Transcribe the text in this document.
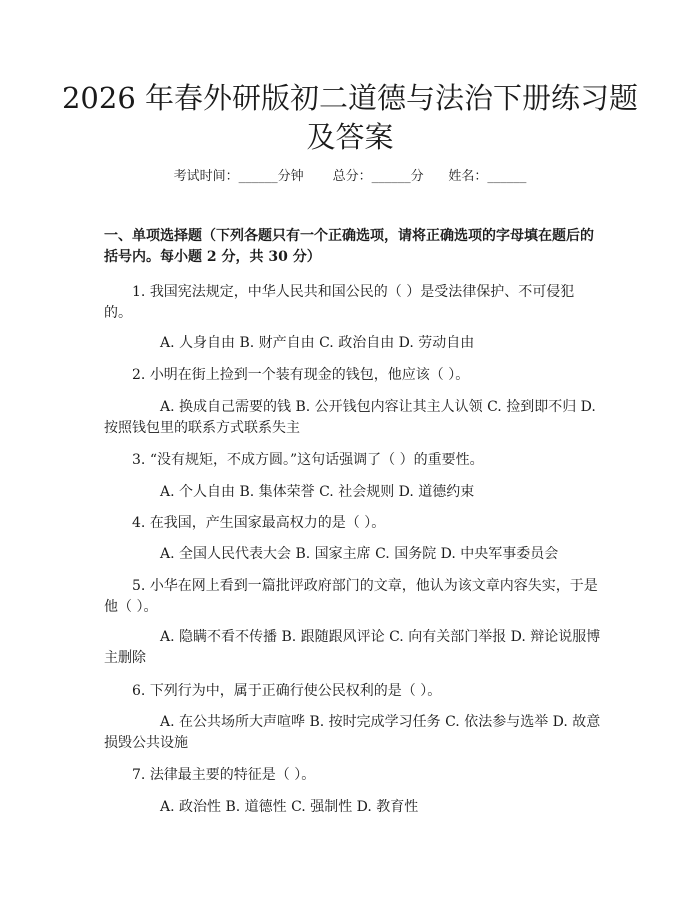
2026 年春外研版初二道德与法治下册练习题
及答案
考试时间：______分钟 总分：______分 姓名：______

一、单项选择题（下列各题只有一个正确选项，请将正确选项的字母填在题后的括号内。每小题 2 分，共 30 分）

1. 我国宪法规定，中华人民共和国公民的（ ）是受法律保护、不可侵犯的。

A. 人身自由 B. 财产自由 C. 政治自由 D. 劳动自由

2. 小明在街上捡到一个装有现金的钱包，他应该（ ）。

A. 换成自己需要的钱 B. 公开钱包内容让其主人认领 C. 捡到即不归 D. 按照钱包里的联系方式联系失主

3. “没有规矩，不成方圆。”这句话强调了（ ）的重要性。

A. 个人自由 B. 集体荣誉 C. 社会规则 D. 道德约束

4. 在我国，产生国家最高权力的是（ ）。

A. 全国人民代表大会 B. 国家主席 C. 国务院 D. 中央军事委员会

5. 小华在网上看到一篇批评政府部门的文章，他认为该文章内容失实，于是他（ ）。

A. 隐瞒不看不传播 B. 跟随跟风评论 C. 向有关部门举报 D. 辩论说服博主删除

6. 下列行为中，属于正确行使公民权利的是（ ）。

A. 在公共场所大声喧哗 B. 按时完成学习任务 C. 依法参与选举 D. 故意损毁公共设施

7. 法律最主要的特征是（ ）。

A. 政治性 B. 道德性 C. 强制性 D. 教育性
